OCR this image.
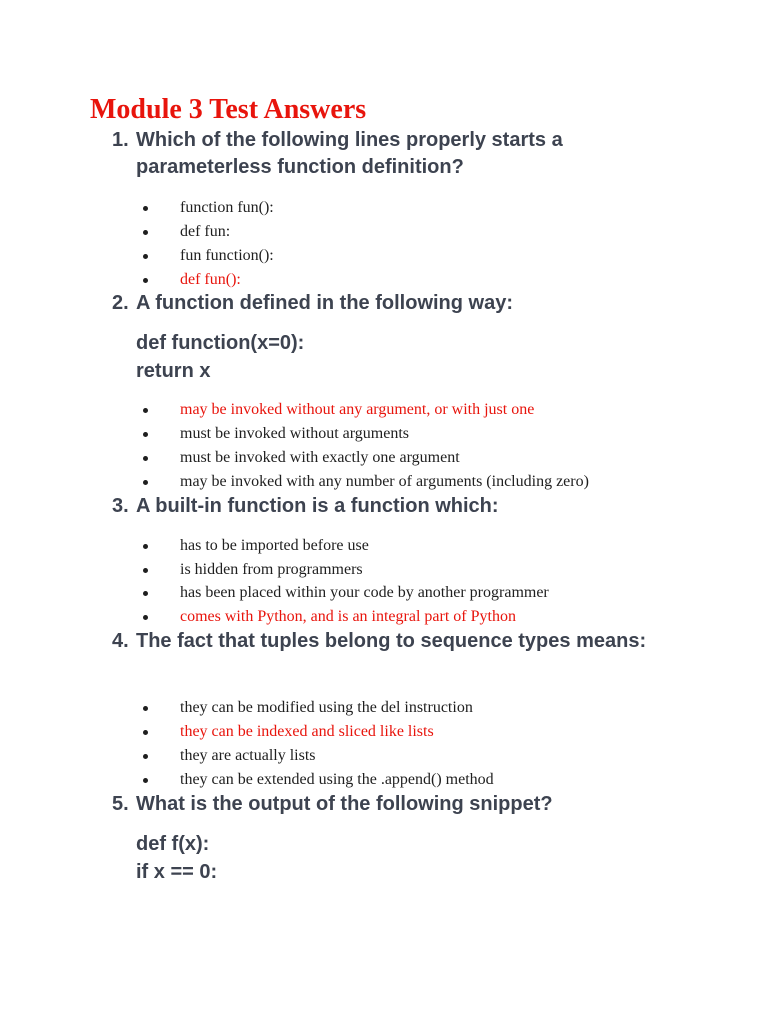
Module 3 Test Answers
1. Which of the following lines properly starts a parameterless function definition?
function fun():
def fun:
fun function():
def fun():
2. A function defined in the following way:
def function(x=0):
return x
may be invoked without any argument, or with just one
must be invoked without arguments
must be invoked with exactly one argument
may be invoked with any number of arguments (including zero)
3. A built-in function is a function which:
has to be imported before use
is hidden from programmers
has been placed within your code by another programmer
comes with Python, and is an integral part of Python
4. The fact that tuples belong to sequence types means:
they can be modified using the del instruction
they can be indexed and sliced like lists
they are actually lists
they can be extended using the .append() method
5. What is the output of the following snippet?
def f(x):
if x == 0:
